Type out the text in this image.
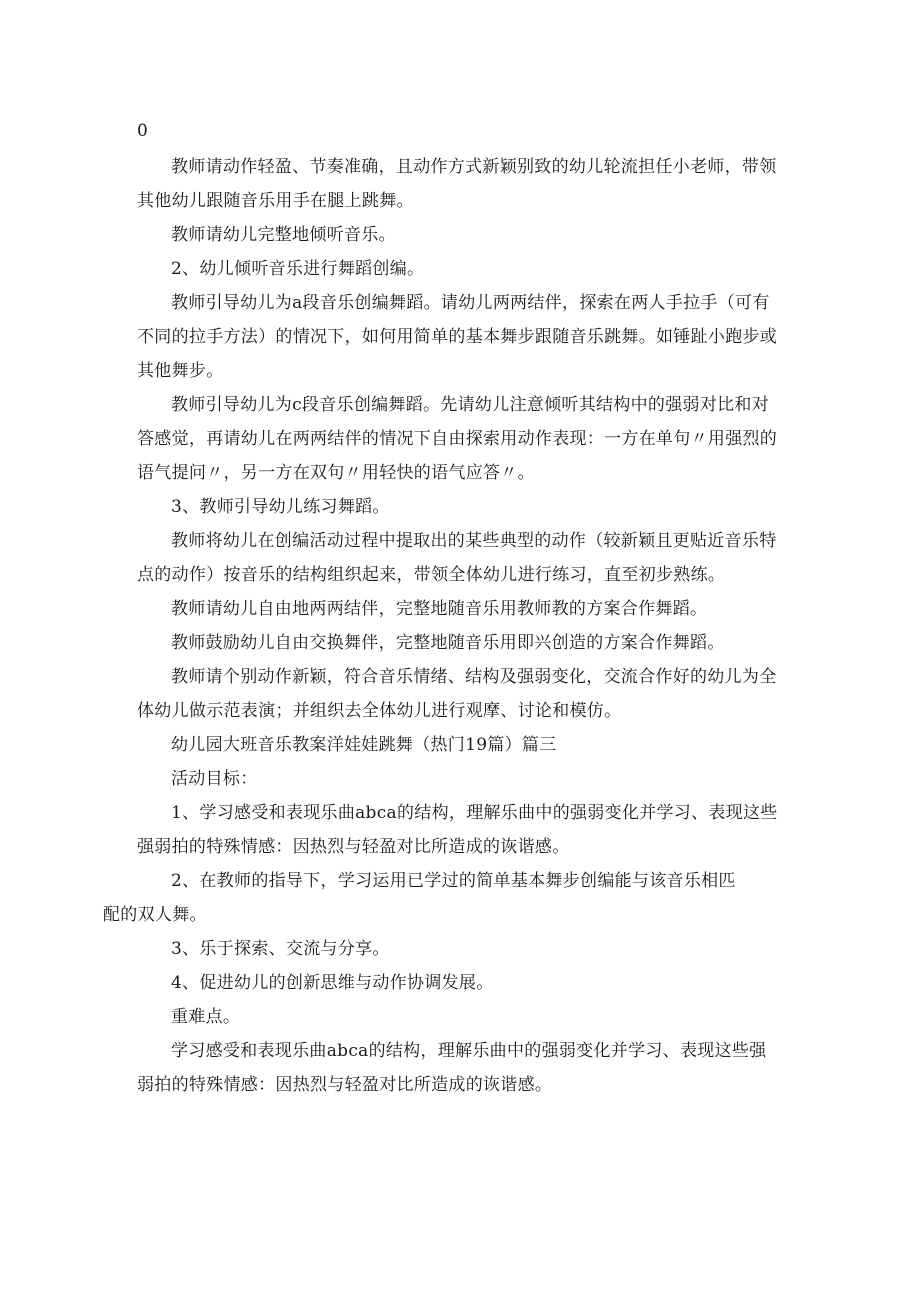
0

教师请动作轻盈、节奏准确，且动作方式新颖别致的幼儿轮流担任小老师，带领其他幼儿跟随音乐用手在腿上跳舞。

教师请幼儿完整地倾听音乐。

2、幼儿倾听音乐进行舞蹈创编。

教师引导幼儿为a段音乐创编舞蹈。请幼儿两两结伴，探索在两人手拉手（可有不同的拉手方法）的情况下，如何用简单的基本舞步跟随音乐跳舞。如锤趾小跑步或其他舞步。

教师引导幼儿为c段音乐创编舞蹈。先请幼儿注意倾听其结构中的强弱对比和对答感觉，再请幼儿在两两结伴的情况下自由探索用动作表现：一方在单句〃用强烈的语气提问〃，另一方在双句〃用轻快的语气应答〃。

3、教师引导幼儿练习舞蹈。

教师将幼儿在创编活动过程中提取出的某些典型的动作（较新颖且更贴近音乐特点的动作）按音乐的结构组织起来，带领全体幼儿进行练习，直至初步熟练。

教师请幼儿自由地两两结伴，完整地随音乐用教师教的方案合作舞蹈。

教师鼓励幼儿自由交换舞伴，完整地随音乐用即兴创造的方案合作舞蹈。

教师请个别动作新颖，符合音乐情绪、结构及强弱变化，交流合作好的幼儿为全体幼儿做示范表演；并组织去全体幼儿进行观摩、讨论和模仿。

幼儿园大班音乐教案洋娃娃跳舞（热门19篇）篇三

活动目标：

1、学习感受和表现乐曲abca的结构，理解乐曲中的强弱变化并学习、表现这些强弱拍的特殊情感：因热烈与轻盈对比所造成的诙谐感。

2、在教师的指导下，学习运用已学过的简单基本舞步创编能与该音乐相匹
配的双人舞。

3、乐于探索、交流与分享。

4、促进幼儿的创新思维与动作协调发展。

重难点。

学习感受和表现乐曲abca的结构，理解乐曲中的强弱变化并学习、表现这些强弱拍的特殊情感：因热烈与轻盈对比所造成的诙谐感。
